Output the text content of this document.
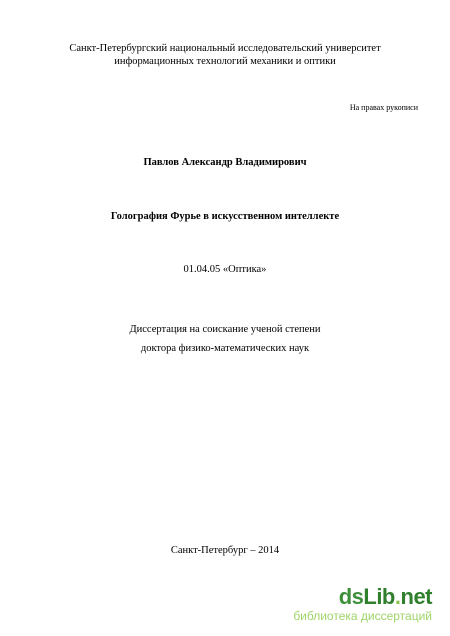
Санкт-Петербургский национальный исследовательский университет
информационных технологий механики и оптики
На правах рукописи
Павлов Александр Владимирович
Голография Фурье в искусственном интеллекте
01.04.05 «Оптика»
Диссертация на соискание ученой степени
доктора физико-математических наук
Санкт-Петербург – 2014
dsLib.net
библиотека диссертаций
